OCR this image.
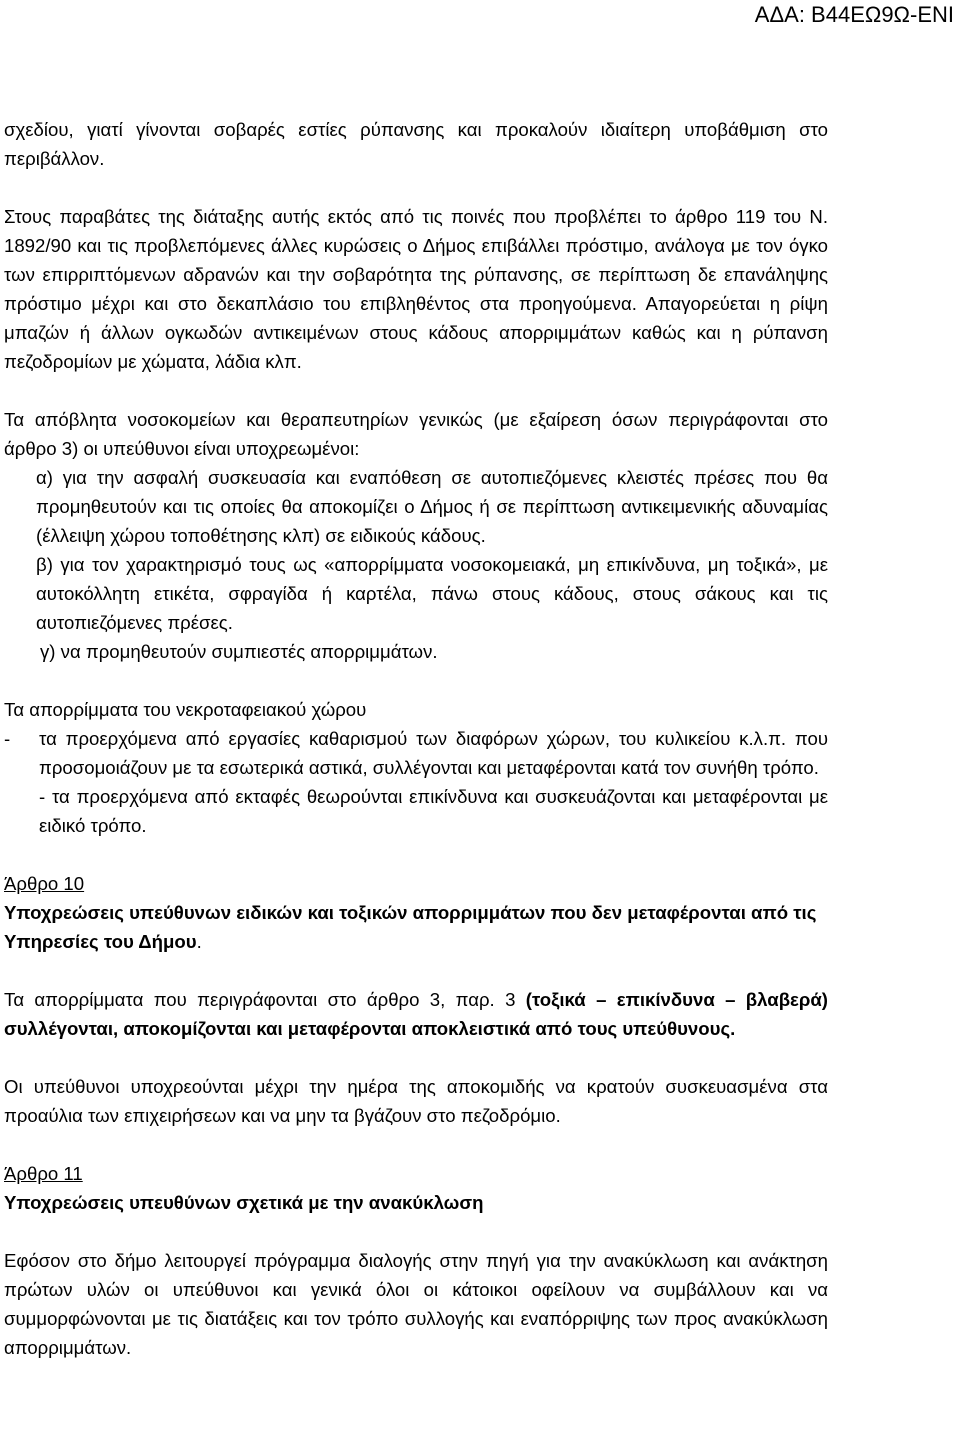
ΑΔΑ: Β44ΕΩ9Ω-ΕΝΙ

σχεδίου, γιατί γίνονται σοβαρές εστίες ρύπανσης και προκαλούν ιδιαίτερη υποβάθμιση στο περιβάλλον.

Στους παραβάτες της διάταξης αυτής εκτός από τις ποινές που προβλέπει το άρθρο 119 του Ν. 1892/90 και τις προβλεπόμενες άλλες κυρώσεις ο Δήμος επιβάλλει πρόστιμο, ανάλογα με τον όγκο των επιρριπτόμενων αδρανών και την σοβαρότητα της ρύπανσης, σε περίπτωση δε επανάληψης πρόστιμο μέχρι και στο δεκαπλάσιο του επιβληθέντος στα προηγούμενα. Απαγορεύεται η ρίψη μπαζών ή άλλων ογκωδών αντικειμένων στους κάδους απορριμμάτων καθώς και η ρύπανση πεζοδρομίων με χώματα, λάδια κλπ.

Τα απόβλητα νοσοκομείων και θεραπευτηρίων γενικώς (με εξαίρεση όσων περιγράφονται στο άρθρο 3) οι υπεύθυνοι είναι υποχρεωμένοι:

α) για την ασφαλή συσκευασία και εναπόθεση σε αυτοπιεζόμενες κλειστές πρέσες που θα προμηθευτούν και τις οποίες θα αποκομίζει ο Δήμος ή σε περίπτωση αντικειμενικής αδυναμίας (έλλειψη χώρου τοποθέτησης κλπ) σε ειδικούς κάδους.

β) για τον χαρακτηρισμό τους ως «απορρίμματα νοσοκομειακά, μη επικίνδυνα, μη τοξικά», με αυτοκόλλητη ετικέτα, σφραγίδα ή καρτέλα, πάνω στους κάδους, στους σάκους και τις αυτοπιεζόμενες πρέσες.

γ) να προμηθευτούν συμπιεστές απορριμμάτων.

Τα απορρίμματα του νεκροταφειακού χώρου

- τα προερχόμενα από εργασίες καθαρισμού των διαφόρων χώρων, του κυλικείου κ.λ.π. που προσομοιάζουν με τα εσωτερικά αστικά, συλλέγονται και μεταφέρονται κατά τον συνήθη τρόπο.

- τα προερχόμενα από εκταφές θεωρούνται επικίνδυνα και συσκευάζονται και μεταφέρονται με ειδικό τρόπο.

Άρθρο 10

Υποχρεώσεις υπεύθυνων ειδικών και τοξικών απορριμμάτων που δεν μεταφέρονται από τις Υπηρεσίες του Δήμου.

Τα απορρίμματα που περιγράφονται στο άρθρο 3, παρ. 3 (τοξικά – επικίνδυνα – βλαβερά) συλλέγονται, αποκομίζονται και μεταφέρονται αποκλειστικά από τους υπεύθυνους.

Οι υπεύθυνοι υποχρεούνται μέχρι την ημέρα της αποκομιδής να κρατούν συσκευασμένα στα προαύλια των επιχειρήσεων και να μην τα βγάζουν στο πεζοδρόμιο.

Άρθρο 11

Υποχρεώσεις υπευθύνων σχετικά με την ανακύκλωση

Εφόσον στο δήμο λειτουργεί πρόγραμμα διαλογής στην πηγή για την ανακύκλωση και ανάκτηση πρώτων υλών οι υπεύθυνοι και γενικά όλοι οι κάτοικοι οφείλουν να συμβάλλουν και να συμμορφώνονται με τις διατάξεις και τον τρόπο συλλογής και εναπόρριψης των προς ανακύκλωση απορριμμάτων.
